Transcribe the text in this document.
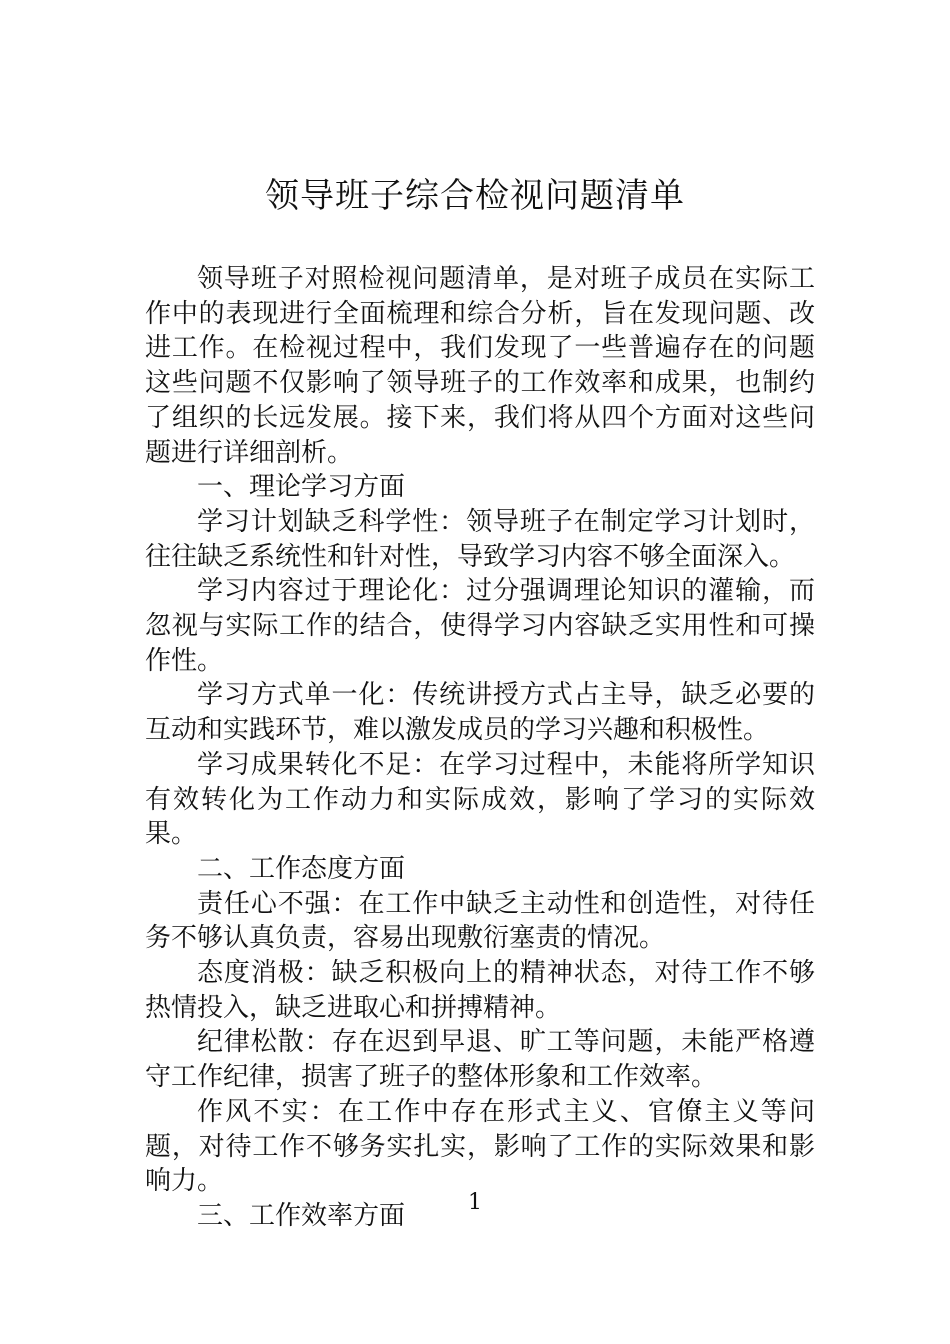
领导班子综合检视问题清单

领导班子对照检视问题清单，是对班子成员在实际工作中的表现进行全面梳理和综合分析，旨在发现问题、改进工作。在检视过程中，我们发现了一些普遍存在的问题这些问题不仅影响了领导班子的工作效率和成果，也制约了组织的长远发展。接下来，我们将从四个方面对这些问题进行详细剖析。

一、理论学习方面

学习计划缺乏科学性：领导班子在制定学习计划时，往往缺乏系统性和针对性，导致学习内容不够全面深入。

学习内容过于理论化：过分强调理论知识的灌输，而忽视与实际工作的结合，使得学习内容缺乏实用性和可操作性。

学习方式单一化：传统讲授方式占主导，缺乏必要的互动和实践环节，难以激发成员的学习兴趣和积极性。

学习成果转化不足：在学习过程中，未能将所学知识有效转化为工作动力和实际成效，影响了学习的实际效果。

二、工作态度方面

责任心不强：在工作中缺乏主动性和创造性，对待任务不够认真负责，容易出现敷衍塞责的情况。

态度消极：缺乏积极向上的精神状态，对待工作不够热情投入，缺乏进取心和拼搏精神。

纪律松散：存在迟到早退、旷工等问题，未能严格遵守工作纪律，损害了班子的整体形象和工作效率。

作风不实：在工作中存在形式主义、官僚主义等问题，对待工作不够务实扎实，影响了工作的实际效果和影响力。

三、工作效率方面	1
